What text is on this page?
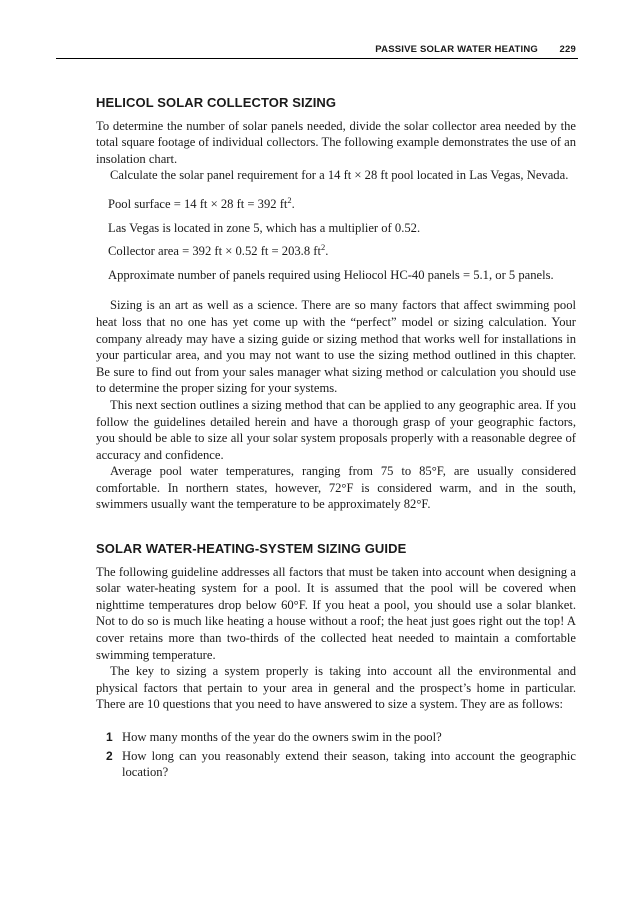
PASSIVE SOLAR WATER HEATING 229
HELICOL SOLAR COLLECTOR SIZING

To determine the number of solar panels needed, divide the solar collector area needed by the total square footage of individual collectors. The following example demonstrates the use of an insolation chart.

Calculate the solar panel requirement for a 14 ft × 28 ft pool located in Las Vegas, Nevada.

Pool surface = 14 ft × 28 ft = 392 $ft^2$.

Las Vegas is located in zone 5, which has a multiplier of 0.52.

Collector area = 392 ft × 0.52 ft = 203.8 $ft^2$.

Approximate number of panels required using Heliocol HC-40 panels = 5.1, or 5 panels.

Sizing is an art as well as a science. There are so many factors that affect swimming pool heat loss that no one has yet come up with the “perfect” model or sizing calculation. Your company already may have a sizing guide or sizing method that works well for installations in your particular area, and you may not want to use the sizing method outlined in this chapter. Be sure to find out from your sales manager what sizing method or calculation you should use to determine the proper sizing for your systems.

This next section outlines a sizing method that can be applied to any geographic area. If you follow the guidelines detailed herein and have a thorough grasp of your geographic factors, you should be able to size all your solar system proposals properly with a reasonable degree of accuracy and confidence.

Average pool water temperatures, ranging from 75 to 85°F, are usually considered comfortable. In northern states, however, 72°F is considered warm, and in the south, swimmers usually want the temperature to be approximately 82°F.

SOLAR WATER-HEATING-SYSTEM SIZING GUIDE

The following guideline addresses all factors that must be taken into account when designing a solar water-heating system for a pool. It is assumed that the pool will be covered when nighttime temperatures drop below 60°F. If you heat a pool, you should use a solar blanket. Not to do so is much like heating a house without a roof; the heat just goes right out the top! A cover retains more than two-thirds of the collected heat needed to maintain a comfortable swimming temperature.

The key to sizing a system properly is taking into account all the environmental and physical factors that pertain to your area in general and the prospect’s home in particular. There are 10 questions that you need to have answered to size a system. They are as follows:

1 How many months of the year do the owners swim in the pool?
2 How long can you reasonably extend their season, taking into account the geographic location?
